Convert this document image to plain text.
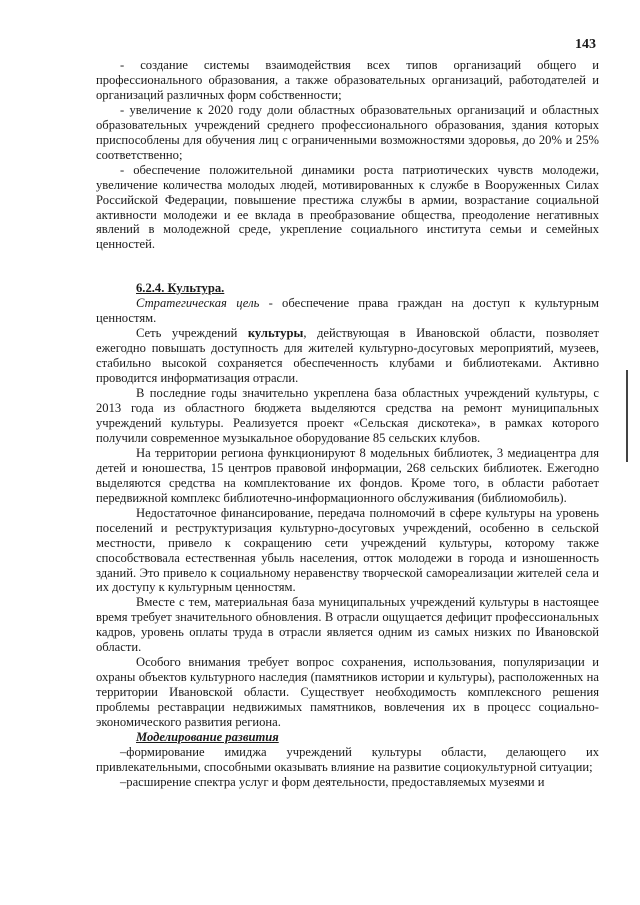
143

- создание системы взаимодействия всех типов организаций общего и профессионального образования, а также образовательных организаций, работодателей и организаций различных форм собственности;

- увеличение к 2020 году доли областных образовательных организаций и областных образовательных учреждений среднего профессионального образования, здания которых приспособлены для обучения лиц с ограниченными возможностями здоровья, до 20% и 25% соответственно;

- обеспечение положительной динамики роста патриотических чувств молодежи, увеличение количества молодых людей, мотивированных к службе в Вооруженных Силах Российской Федерации, повышение престижа службы в армии, возрастание социальной активности молодежи и ее вклада в преобразование общества, преодоление негативных явлений в молодежной среде, укрепление социального института семьи и семейных ценностей.

6.2.4. Культура.

Стратегическая цель - обеспечение права граждан на доступ к культурным ценностям.

Сеть учреждений культуры, действующая в Ивановской области, позволяет ежегодно повышать доступность для жителей культурно-досуговых мероприятий, музеев, стабильно высокой сохраняется обеспеченность клубами и библиотеками. Активно проводится информатизация отрасли.

В последние годы значительно укреплена база областных учреждений культуры, с 2013 года из областного бюджета выделяются средства на ремонт муниципальных учреждений культуры. Реализуется проект «Сельская дискотека», в рамках которого получили современное музыкальное оборудование 85 сельских клубов.

На территории региона функционируют 8 модельных библиотек, 3 медиацентра для детей и юношества, 15 центров правовой информации, 268 сельских библиотек. Ежегодно выделяются средства на комплектование их фондов. Кроме того, в области работает передвижной комплекс библиотечно-информационного обслуживания (библиомобиль).

Недостаточное финансирование, передача полномочий в сфере культуры на уровень поселений и реструктуризация культурно-досуговых учреждений, особенно в сельской местности, привело к сокращению сети учреждений культуры, которому также способствовала естественная убыль населения, отток молодежи в города и изношенность зданий. Это привело к социальному неравенству творческой самореализации жителей села и их доступу к культурным ценностям.

Вместе с тем, материальная база муниципальных учреждений культуры в настоящее время требует значительного обновления. В отрасли ощущается дефицит профессиональных кадров, уровень оплаты труда в отрасли является одним из самых низких по Ивановской области.

Особого внимания требует вопрос сохранения, использования, популяризации и охраны объектов культурного наследия (памятников истории и культуры), расположенных на территории Ивановской области. Существует необходимость комплексного решения проблемы реставрации недвижимых памятников, вовлечения их в процесс социально-экономического развития региона.

Моделирование развития

–формирование имиджа учреждений культуры области, делающего их привлекательными, способными оказывать влияние на развитие социокультурной ситуации;

–расширение спектра услуг и форм деятельности, предоставляемых музеями и
